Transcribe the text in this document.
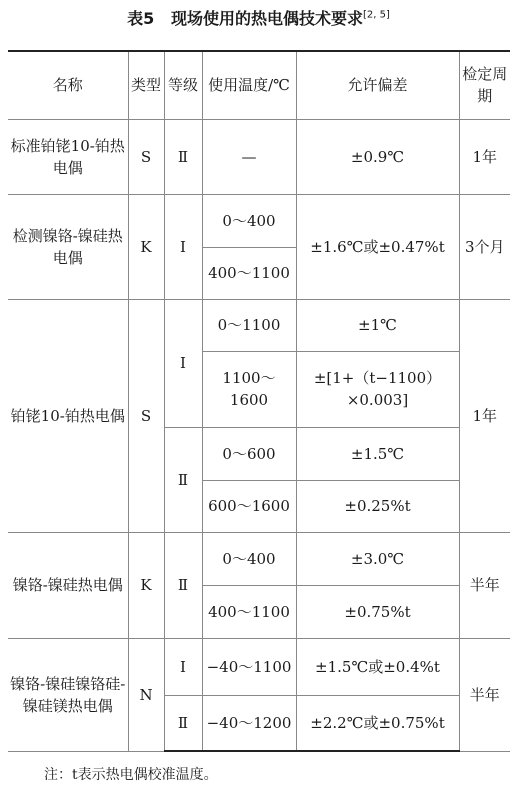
表5 现场使用的热电偶技术要求[2, 5]
名称	类型	等级	使用温度/℃	允许偏差	检定周期
标准铂铑10-铂热电偶	S	Ⅱ	—	±0.9℃	1年
检测镍铬-镍硅热电偶	K	Ⅰ	0～400	±1.6℃或±0.47%t	3个月
			400～1100		
铂铑10-铂热电偶	S	Ⅰ	0～1100	±1℃	1年
			1100～1600	±[1+（t−1100）×0.003]	
		Ⅱ	0～600	±1.5℃	
			600～1600	±0.25%t	
镍铬-镍硅热电偶	K	Ⅱ	0～400	±3.0℃	半年
			400～1100	±0.75%t	
镍铬-镍硅镍铬硅-镍硅镁热电偶	N	Ⅰ	−40～1100	±1.5℃或±0.4%t	半年
		Ⅱ	−40～1200	±2.2℃或±0.75%t	
注：t表示热电偶校准温度。
